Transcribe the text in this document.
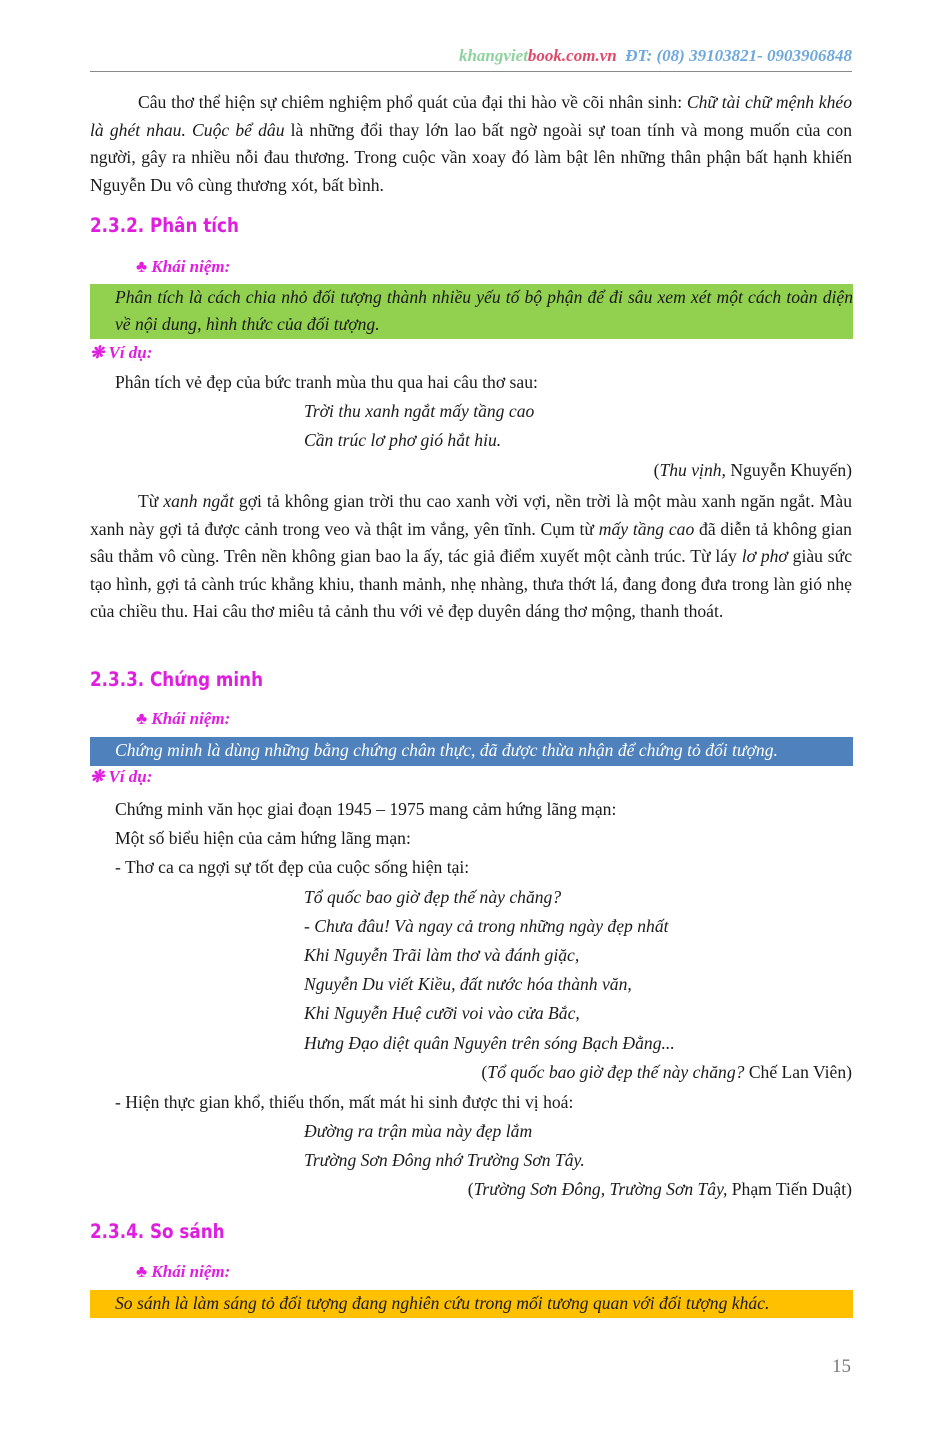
khangvietbook.com.vn ĐT: (08) 39103821- 0903906848
Câu thơ thể hiện sự chiêm nghiệm phổ quát của đại thi hào về cõi nhân sinh: Chữ tài chữ mệnh khéo là ghét nhau. Cuộc bể dâu là những đổi thay lớn lao bất ngờ ngoài sự toan tính và mong muốn của con người, gây ra nhiều nỗi đau thương. Trong cuộc vần xoay đó làm bật lên những thân phận bất hạnh khiến Nguyễn Du vô cùng thương xót, bất bình.
2.3.2. Phân tích
♣ Khái niệm:
Phân tích là cách chia nhỏ đối tượng thành nhiều yếu tố bộ phận để đi sâu xem xét một cách toàn diện về nội dung, hình thức của đối tượng.
❋ Ví dụ:
Phân tích vẻ đẹp của bức tranh mùa thu qua hai câu thơ sau:
Trời thu xanh ngắt mấy tầng cao
Cần trúc lơ phơ gió hắt hiu.
(Thu vịnh, Nguyễn Khuyến)
Từ xanh ngắt gợi tả không gian trời thu cao xanh vời vợi, nền trời là một màu xanh ngăn ngắt. Màu xanh này gợi tả được cảnh trong veo và thật im vắng, yên tĩnh. Cụm từ mấy tầng cao đã diễn tả không gian sâu thẳm vô cùng. Trên nền không gian bao la ấy, tác giả điểm xuyết một cành trúc. Từ láy lơ phơ giàu sức tạo hình, gợi tả cành trúc khẳng khiu, thanh mảnh, nhẹ nhàng, thưa thớt lá, đang đong đưa trong làn gió nhẹ của chiều thu. Hai câu thơ miêu tả cảnh thu với vẻ đẹp duyên dáng thơ mộng, thanh thoát.
2.3.3. Chứng minh
♣ Khái niệm:
Chứng minh là dùng những bằng chứng chân thực, đã được thừa nhận để chứng tỏ đối tượng.
❋ Ví dụ:
Chứng minh văn học giai đoạn 1945 – 1975 mang cảm hứng lãng mạn:
Một số biểu hiện của cảm hứng lãng mạn:
- Thơ ca ca ngợi sự tốt đẹp của cuộc sống hiện tại:
Tổ quốc bao giờ đẹp thế này chăng?
- Chưa đâu! Và ngay cả trong những ngày đẹp nhất
Khi Nguyễn Trãi làm thơ và đánh giặc,
Nguyễn Du viết Kiều, đất nước hóa thành văn,
Khi Nguyễn Huệ cưỡi voi vào cửa Bắc,
Hưng Đạo diệt quân Nguyên trên sóng Bạch Đằng...
(Tổ quốc bao giờ đẹp thế này chăng? Chế Lan Viên)
- Hiện thực gian khổ, thiếu thốn, mất mát hi sinh được thi vị hoá:
Đường ra trận mùa này đẹp lắm
Trường Sơn Đông nhớ Trường Sơn Tây.
(Trường Sơn Đông, Trường Sơn Tây, Phạm Tiến Duật)
2.3.4. So sánh
♣ Khái niệm:
So sánh là làm sáng tỏ đối tượng đang nghiên cứu trong mối tương quan với đối tượng khác.
15
